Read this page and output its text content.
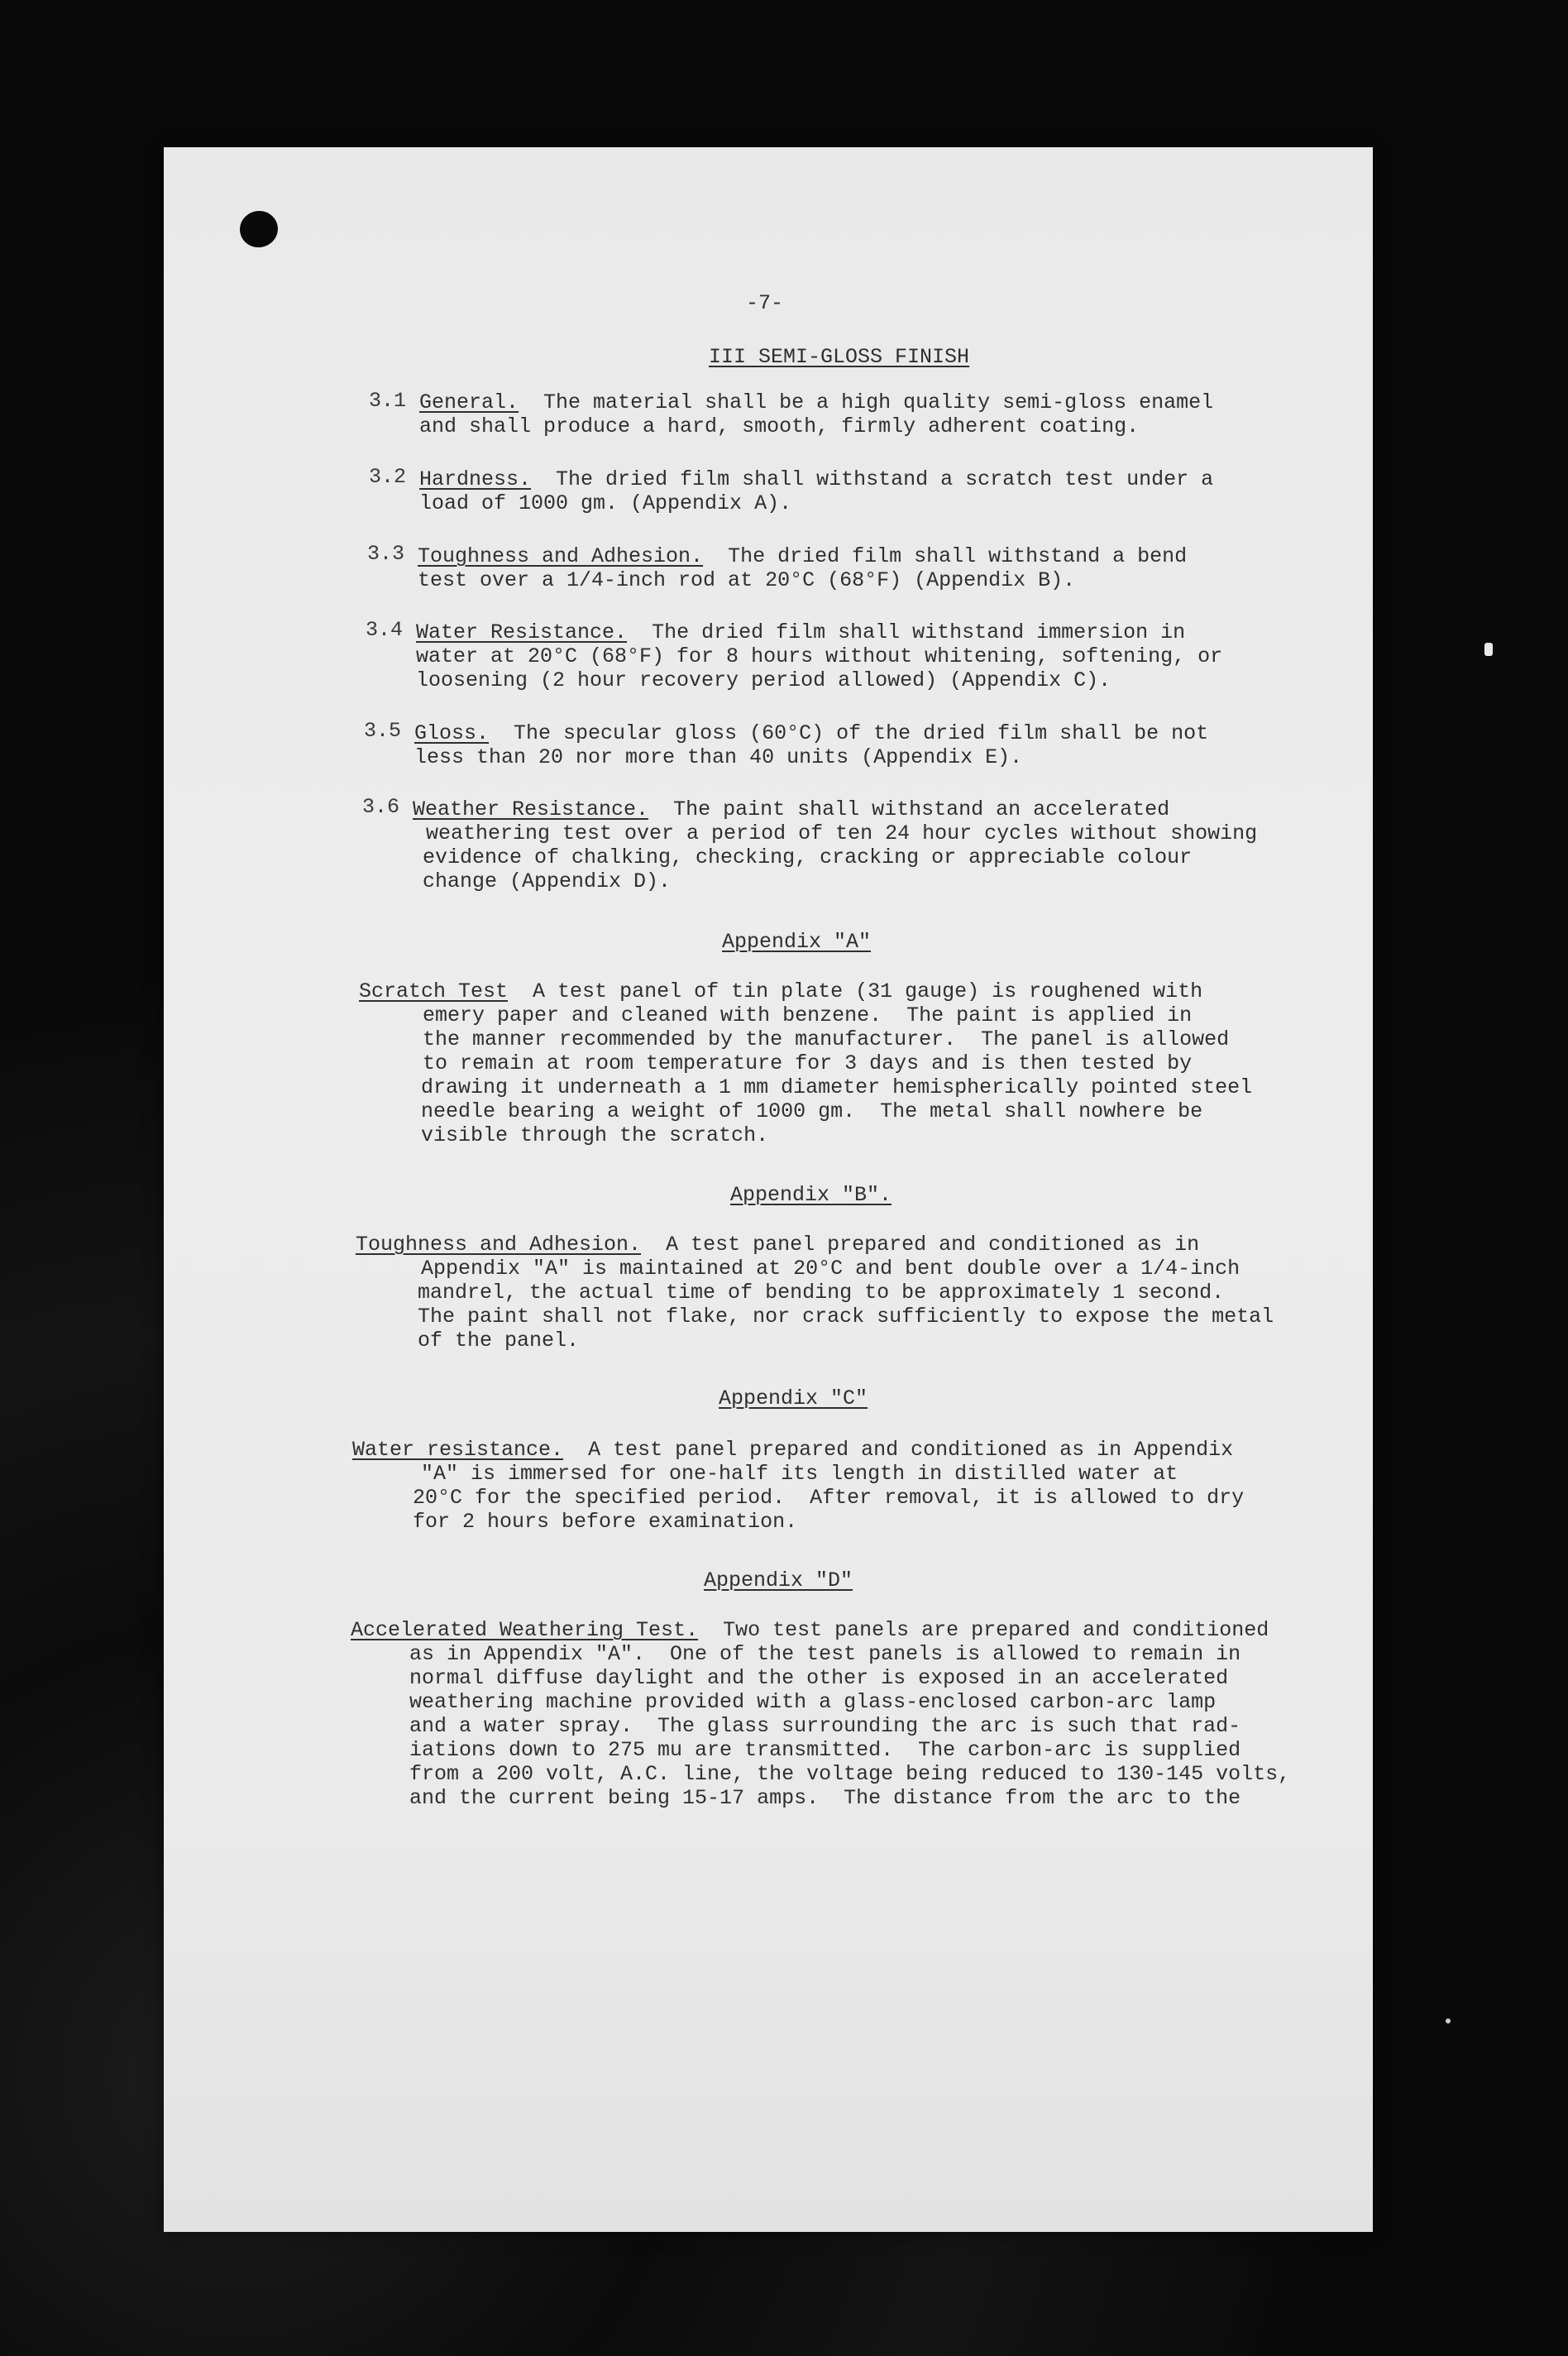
-7-
III SEMI-GLOSS FINISH
3.1 General. The material shall be a high quality semi-gloss enamel
and shall produce a hard, smooth, firmly adherent coating.
3.2 Hardness. The dried film shall withstand a scratch test under a
load of 1000 gm. (Appendix A).
3.3 Toughness and Adhesion. The dried film shall withstand a bend
test over a 1/4-inch rod at 20°C (68°F) (Appendix B).
3.4 Water Resistance. The dried film shall withstand immersion in
water at 20°C (68°F) for 8 hours without whitening, softening, or
loosening (2 hour recovery period allowed) (Appendix C).
3.5 Gloss. The specular gloss (60°C) of the dried film shall be not
less than 20 nor more than 40 units (Appendix E).
3.6 Weather Resistance. The paint shall withstand an accelerated
weathering test over a period of ten 24 hour cycles without showing
evidence of chalking, checking, cracking or appreciable colour
change (Appendix D).
Appendix "A"
Scratch Test A test panel of tin plate (31 gauge) is roughened with
emery paper and cleaned with benzene.  The paint is applied in
the manner recommended by the manufacturer.  The panel is allowed
to remain at room temperature for 3 days and is then tested by
drawing it underneath a 1 mm diameter hemispherically pointed steel
needle bearing a weight of 1000 gm.  The metal shall nowhere be
visible through the scratch.
Appendix "B".
Toughness and Adhesion. A test panel prepared and conditioned as in
Appendix "A" is maintained at 20°C and bent double over a 1/4-inch
mandrel, the actual time of bending to be approximately 1 second.
The paint shall not flake, nor crack sufficiently to expose the metal
of the panel.
Appendix "C"
Water resistance. A test panel prepared and conditioned as in Appendix
"A" is immersed for one-half its length in distilled water at
20°C for the specified period.  After removal, it is allowed to dry
for 2 hours before examination.
Appendix "D"
Accelerated Weathering Test. Two test panels are prepared and conditioned
as in Appendix "A".  One of the test panels is allowed to remain in
normal diffuse daylight and the other is exposed in an accelerated
weathering machine provided with a glass-enclosed carbon-arc lamp
and a water spray.  The glass surrounding the arc is such that rad-
iations down to 275 mu are transmitted.  The carbon-arc is supplied
from a 200 volt, A.C. line, the voltage being reduced to 130-145 volts,
and the current being 15-17 amps.  The distance from the arc to the
